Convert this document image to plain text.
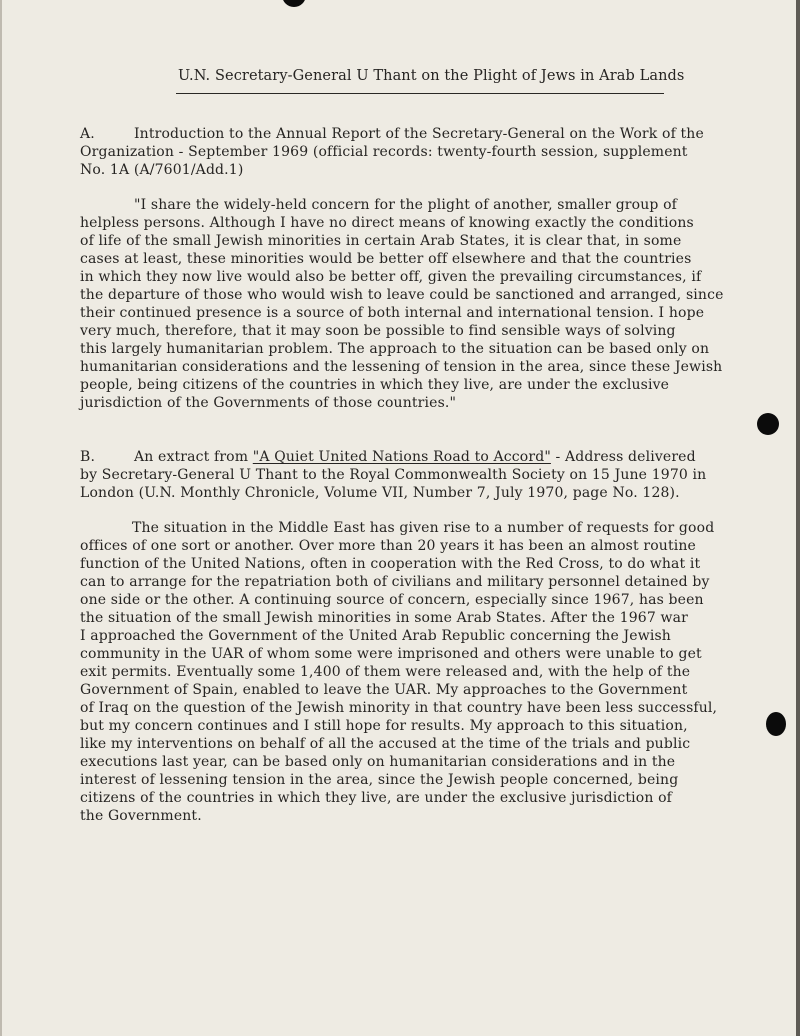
U.N. Secretary-General U Thant on the Plight of Jews in Arab Lands
A.	Introduction to the Annual Report of the Secretary-General on the Work of the
Organization - September 1969 (official records: twenty-fourth session, supplement
No. 1A (A/7601/Add.1)
"I share the widely-held concern for the plight of another, smaller group of
helpless persons. Although I have no direct means of knowing exactly the conditions
of life of the small Jewish minorities in certain Arab States, it is clear that, in some
cases at least, these minorities would be better off elsewhere and that the countries
in which they now live would also be better off, given the prevailing circumstances, if
the departure of those who would wish to leave could be sanctioned and arranged, since
their continued presence is a source of both internal and international tension. I hope
very much, therefore, that it may soon be possible to find sensible ways of solving
this largely humanitarian problem. The approach to the situation can be based only on
humanitarian considerations and the lessening of tension in the area, since these Jewish
people, being citizens of the countries in which they live, are under the exclusive
jurisdiction of the Governments of those countries."
B.	An extract from "A Quiet United Nations Road to Accord" - Address delivered
by Secretary-General U Thant to the Royal Commonwealth Society on 15 June 1970 in
London (U.N. Monthly Chronicle, Volume VII, Number 7, July 1970, page No. 128).
The situation in the Middle East has given rise to a number of requests for good
offices of one sort or another. Over more than 20 years it has been an almost routine
function of the United Nations, often in cooperation with the Red Cross, to do what it
can to arrange for the repatriation both of civilians and military personnel detained by
one side or the other. A continuing source of concern, especially since 1967, has been
the situation of the small Jewish minorities in some Arab States. After the 1967 war
I approached the Government of the United Arab Republic concerning the Jewish
community in the UAR of whom some were imprisoned and others were unable to get
exit permits. Eventually some 1,400 of them were released and, with the help of the
Government of Spain, enabled to leave the UAR. My approaches to the Government
of Iraq on the question of the Jewish minority in that country have been less successful,
but my concern continues and I still hope for results. My approach to this situation,
like my interventions on behalf of all the accused at the time of the trials and public
executions last year, can be based only on humanitarian considerations and in the
interest of lessening tension in the area, since the Jewish people concerned, being
citizens of the countries in which they live, are under the exclusive jurisdiction of
the Government.
